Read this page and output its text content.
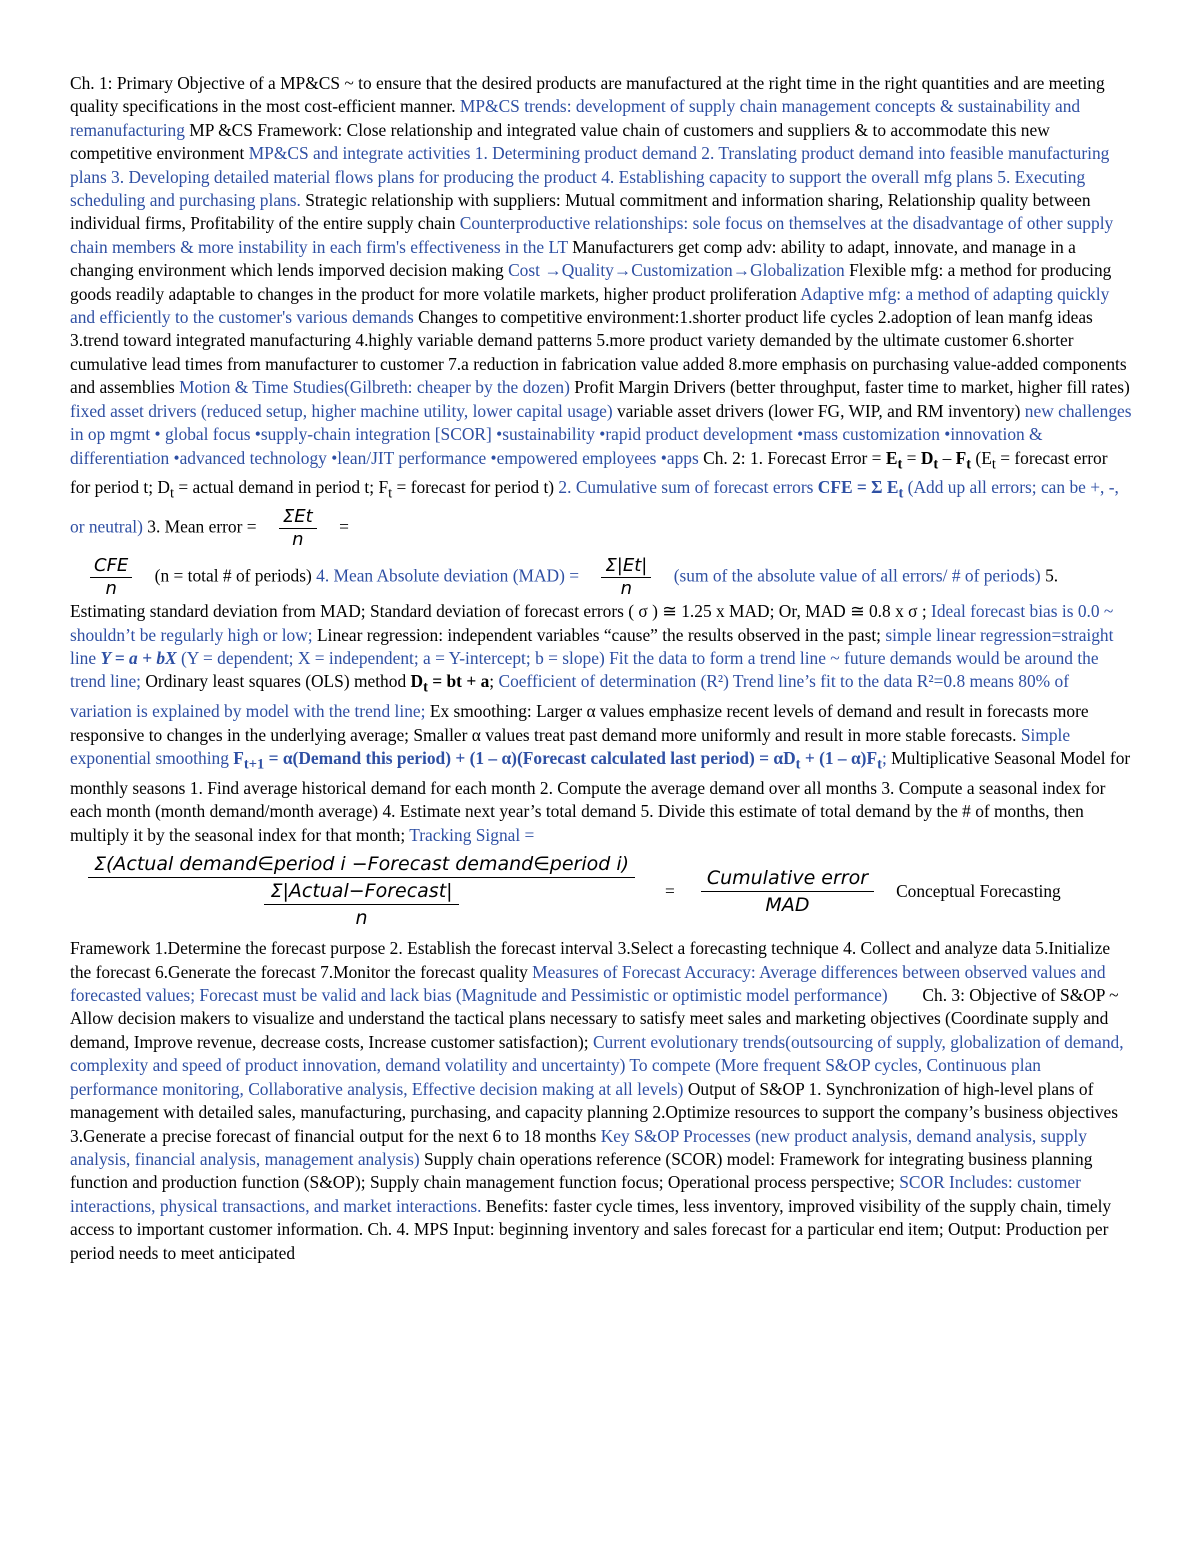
Ch. 1: Primary Objective of a MP&CS ~ to ensure that the desired products are manufactured at the right time in the right quantities and are meeting quality specifications in the most cost-efficient manner. MP&CS trends: development of supply chain management concepts & sustainability and remanufacturing MP &CS Framework: Close relationship and integrated value chain of customers and suppliers & to accommodate this new competitive environment MP&CS and integrate activities 1. Determining product demand 2. Translating product demand into feasible manufacturing plans 3. Developing detailed material flows plans for producing the product 4. Establishing capacity to support the overall mfg plans 5. Executing scheduling and purchasing plans. Strategic relationship with suppliers: Mutual commitment and information sharing, Relationship quality between individual firms, Profitability of the entire supply chain Counterproductive relationships: sole focus on themselves at the disadvantage of other supply chain members & more instability in each firm's effectiveness in the LT Manufacturers get comp adv: ability to adapt, innovate, and manage in a changing environment which lends imporved decision making Cost →Quality→Customization→Globalization Flexible mfg: a method for producing goods readily adaptable to changes in the product for more volatile markets, higher product proliferation Adaptive mfg: a method of adapting quickly and efficiently to the customer's various demands Changes to competitive environment:1.shorter product life cycles 2.adoption of lean manfg ideas 3.trend toward integrated manufacturing 4.highly variable demand patterns 5.more product variety demanded by the ultimate customer 6.shorter cumulative lead times from manufacturer to customer 7.a reduction in fabrication value added 8.more emphasis on purchasing value-added components and assemblies Motion & Time Studies(Gilbreth: cheaper by the dozen) Profit Margin Drivers (better throughput, faster time to market, higher fill rates) fixed asset drivers (reduced setup, higher machine utility, lower capital usage) variable asset drivers (lower FG, WIP, and RM inventory) new challenges in op mgmt • global focus •supply-chain integration [SCOR] •sustainability •rapid product development •mass customization •innovation & differentiation •advanced technology •lean/JIT performance •empowered employees •apps Ch. 2: 1. Forecast Error = $E_t = D_t - F_t$ ($E_t$ = forecast error for period t; $D_t$ = actual demand in period t; $F_t$ = forecast for period t) 2. Cumulative sum of forecast errors CFE = Σ $E_t$ (Add up all errors; can be +, -, or neutral) 3. Mean error = $\frac{\text{ΣEt}}{n}$ =

$\frac{\text{CFE}}{n} (n$ = total # of periods) 4. Mean Absolute deviation $(MAD) = \frac{\Sigma|Et|}{n} (sum$ of the absolute value of all errors/ # of periods) 5. Estimating standard deviation from MAD; Standard deviation of forecast errors ( σ ) ≅ 1.25 x MAD; Or, MAD ≅ 0.8 x σ ; Ideal forecast bias is 0.0 ~ shouldn’t be regularly high or low; Linear regression: independent variables “cause” the results observed in the past; simple linear regression=straight line Y = a + bX (Y = dependent; X = independent; a = Y-intercept; b = slope) Fit the data to form a trend line ~ future demands would be around the trend line; Ordinary least squares (OLS) method $D_t$ = bt + a; Coefficient of determination (R²) Trend line’s fit to the data R²=0.8 means 80% of variation is explained by model with the trend line; Ex smoothing: Larger α values emphasize recent levels of demand and result in forecasts more responsive to changes in the underlying average; Smaller α values treat past demand more uniformly and result in more stable forecasts. Simple exponential smoothing $F_{t+1}$ = α(Demand this period) + (1 – α)(Forecast calculated last period) = $\alpha D_t + (1 - \alpha)F_t$; Multiplicative Seasonal Model for monthly seasons 1. Find average historical demand for each month 2. Compute the average demand over all months 3. Compute a seasonal index for each month (month demand/month average) 4. Estimate next year’s total demand 5. Divide this estimate of total demand by the # of months, then multiply it by the seasonal index for that month; Tracking Signal =

$\frac{\text{Σ(Actual demand∈period i −Forecast demand∈period i)}}{\frac{\text{Σ|Actual−Forecast|}}{n}} = \frac{\text{Cumulative error}}{\text{MAD}}$ Conceptual Forecasting

Framework 1.Determine the forecast purpose 2. Establish the forecast interval 3.Select a forecasting technique 4. Collect and analyze data 5.Initialize the forecast 6.Generate the forecast 7.Monitor the forecast quality Measures of Forecast Accuracy: Average differences between observed values and forecasted values; Forecast must be valid and lack bias (Magnitude and Pessimistic or optimistic model performance)        Ch. 3: Objective of S&OP ~ Allow decision makers to visualize and understand the tactical plans necessary to satisfy meet sales and marketing objectives (Coordinate supply and demand, Improve revenue, decrease costs, Increase customer satisfaction); Current evolutionary trends(outsourcing of supply, globalization of demand, complexity and speed of product innovation, demand volatility and uncertainty) To compete (More frequent S&OP cycles, Continuous plan performance monitoring, Collaborative analysis, Effective decision making at all levels) Output of S&OP 1. Synchronization of high-level plans of management with detailed sales, manufacturing, purchasing, and capacity planning 2.Optimize resources to support the company’s business objectives 3.Generate a precise forecast of financial output for the next 6 to 18 months Key S&OP Processes (new product analysis, demand analysis, supply analysis, financial analysis, management analysis) Supply chain operations reference (SCOR) model: Framework for integrating business planning function and production function (S&OP); Supply chain management function focus; Operational process perspective; SCOR Includes: customer interactions, physical transactions, and market interactions. Benefits: faster cycle times, less inventory, improved visibility of the supply chain, timely access to important customer information. Ch. 4. MPS Input: beginning inventory and sales forecast for a particular end item; Output: Production per period needs to meet anticipated
